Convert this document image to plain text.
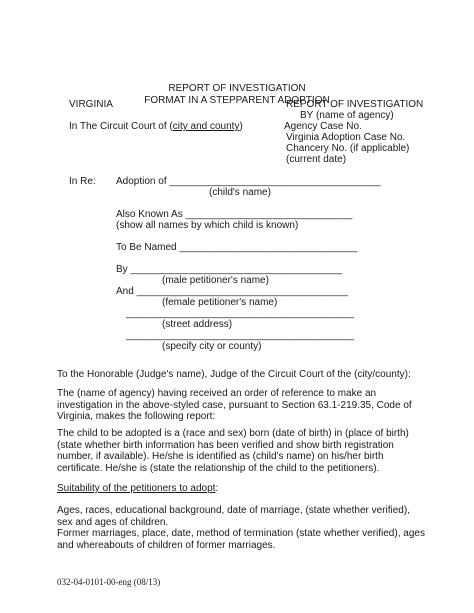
REPORT OF INVESTIGATION
FORMAT IN A STEPPARENT ADOPTION
VIRGINIA
In The Circuit Court of (city and county)
REPORT OF INVESTIGATION
BY (name of agency)
Agency Case No.
Virginia Adoption Case No.
Chancery No. (if applicable)
(current date)
In Re: Adoption of ______________________________________
(child's name)
Also Known As ______________________________
(show all names by which child is known)
To Be Named ________________________________
By ______________________________________
(male petitioner's name)
And ______________________________________
(female petitioner's name)
_________________________________________
(street address)
_________________________________________
(specify city or county)
To the Honorable (Judge's name), Judge of the Circuit Court of the (city/county):
The (name of agency) having received an order of reference to make an investigation in the above-styled case, pursuant to Section 63.1-219.35, Code of Virginia, makes the following report:
The child to be adopted is a (race and sex) born (date of birth) in (place of birth) (state whether birth information has been verified and show birth registration number, if available). He/she is identified as (child's name) on his/her birth certificate. He/she is (state the relationship of the child to the petitioners).
Suitability of the petitioners to adopt:
Ages, races, educational background, date of marriage, (state whether verified), sex and ages of children.
Former marriages, place, date, method of termination (state whether verified), ages and whereabouts of children of former marriages.
032-04-0101-00-eng (08/13)
